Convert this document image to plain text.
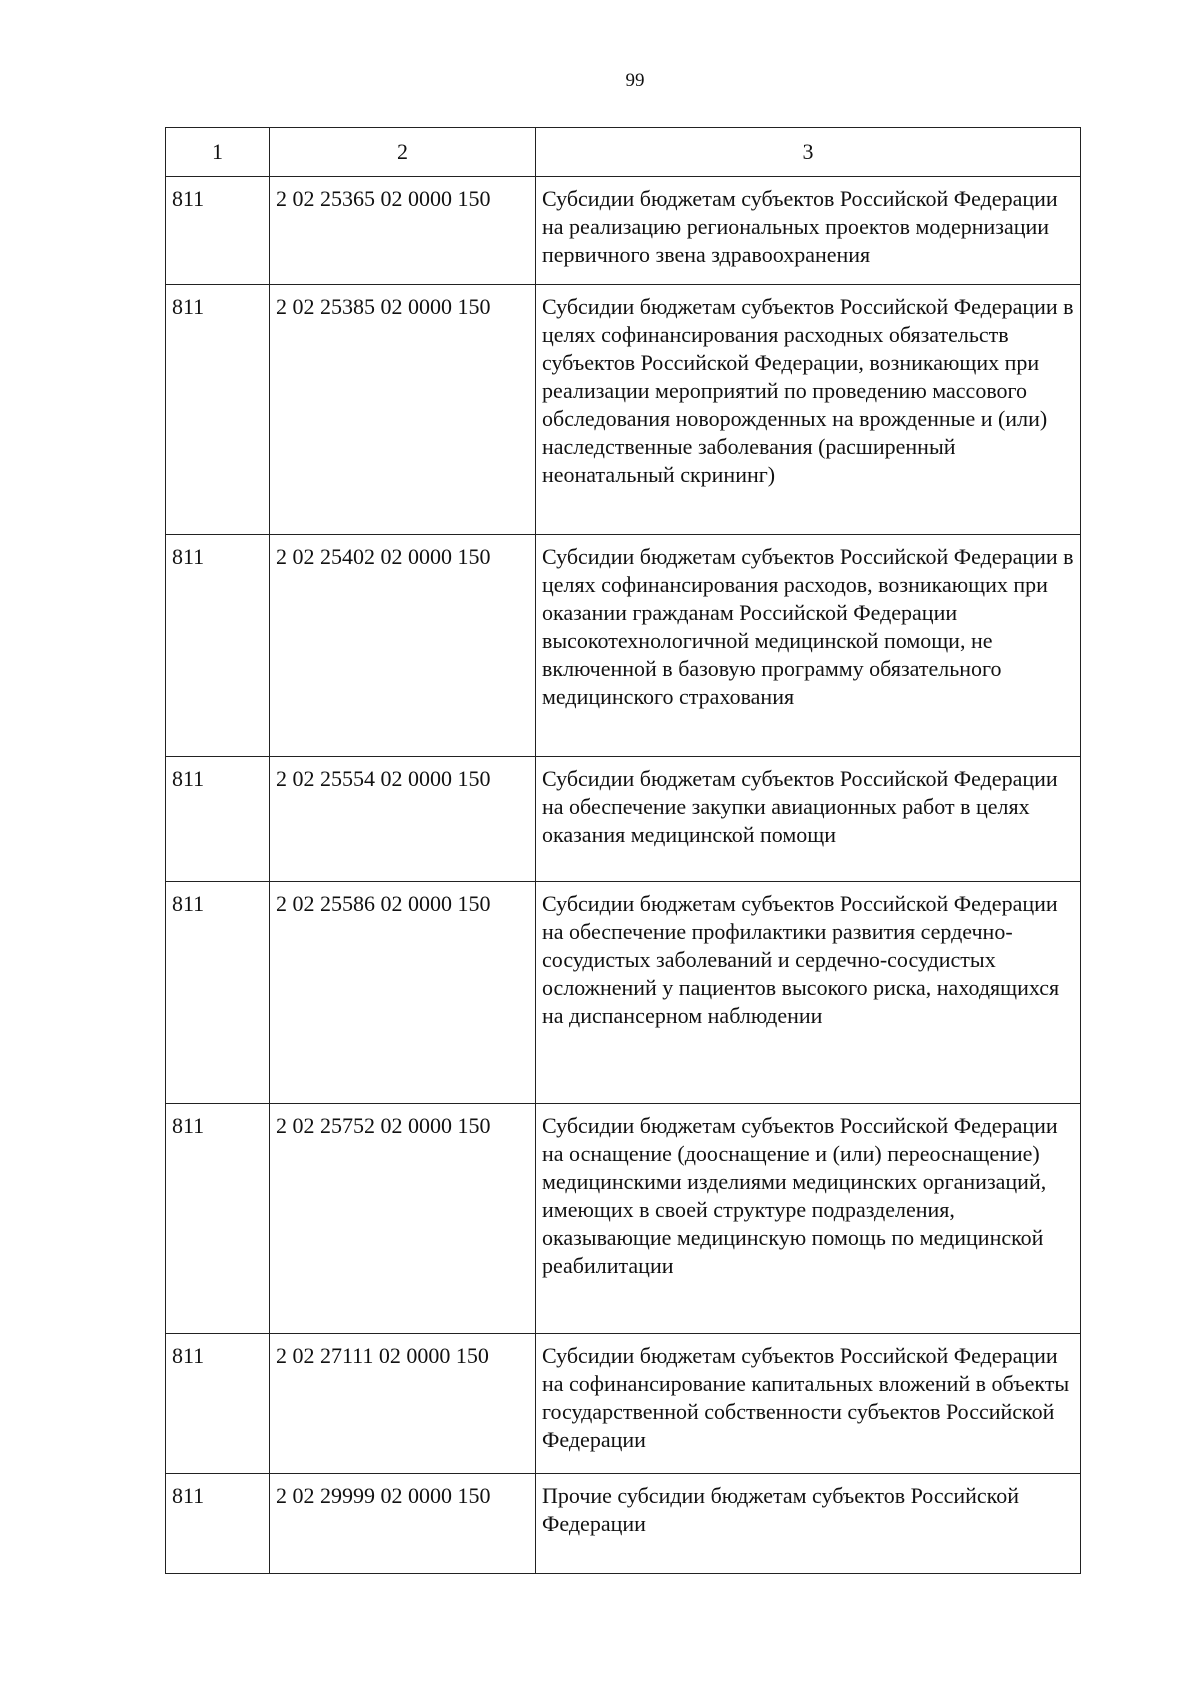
99
1	2	3
811	2 02 25365 02 0000 150	Субсидии бюджетам субъектов Российской Федерации на реализацию региональных проектов модернизации первичного звена здравоохранения
811	2 02 25385 02 0000 150	Субсидии бюджетам субъектов Российской Федерации в целях софинансирования расходных обязательств субъектов Российской Федерации, возникающих при реализации мероприятий по проведению массового обследования новорожденных на врожденные и (или) наследственные заболевания (расширенный неонатальный скрининг)
811	2 02 25402 02 0000 150	Субсидии бюджетам субъектов Российской Федерации в целях софинансирования расходов, возникающих при оказании гражданам Российской Федерации высокотехнологичной медицинской помощи, не включенной в базовую программу обязательного медицинского страхования
811	2 02 25554 02 0000 150	Субсидии бюджетам субъектов Российской Федерации на обеспечение закупки авиационных работ в целях оказания медицинской помощи
811	2 02 25586 02 0000 150	Субсидии бюджетам субъектов Российской Федерации на обеспечение профилактики развития сердечно-сосудистых заболеваний и сердечно-сосудистых осложнений у пациентов высокого риска, находящихся на диспансерном наблюдении
811	2 02 25752 02 0000 150	Субсидии бюджетам субъектов Российской Федерации на оснащение (дооснащение и (или) переоснащение) медицинскими изделиями медицинских организаций, имеющих в своей структуре подразделения, оказывающие медицинскую помощь по медицинской реабилитации
811	2 02 27111 02 0000 150	Субсидии бюджетам субъектов Российской Федерации на софинансирование капитальных вложений в объекты государственной собственности субъектов Российской Федерации
811	2 02 29999 02 0000 150	Прочие субсидии бюджетам субъектов Российской Федерации
